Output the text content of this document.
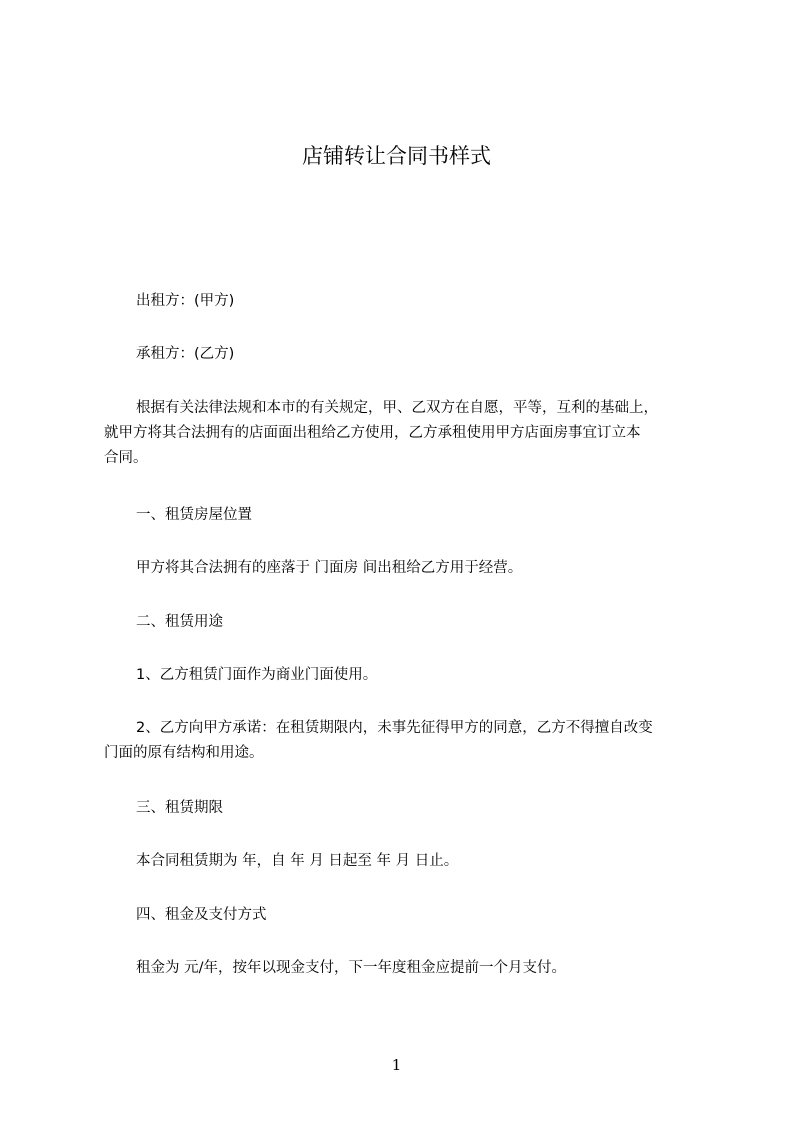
店铺转让合同书样式
出租方：(甲方)
承租方：(乙方)

根据有关法律法规和本市的有关规定，甲、乙双方在自愿，平等，互利的基础上，

就甲方将其合法拥有的店面面出租给乙方使用，乙方承租使用甲方店面房事宜订立本

合同。

一、租赁房屋位置
甲方将其合法拥有的座落于 门面房 间出租给乙方用于经营。
二、租赁用途
1、乙方租赁门面作为商业门面使用。

2、乙方向甲方承诺：在租赁期限内，未事先征得甲方的同意，乙方不得擅自改变

门面的原有结构和用途。

三、租赁期限
本合同租赁期为 年，自 年 月 日起至 年 月 日止。
四、租金及支付方式
租金为 元/年，按年以现金支付，下一年度租金应提前一个月支付。
1
